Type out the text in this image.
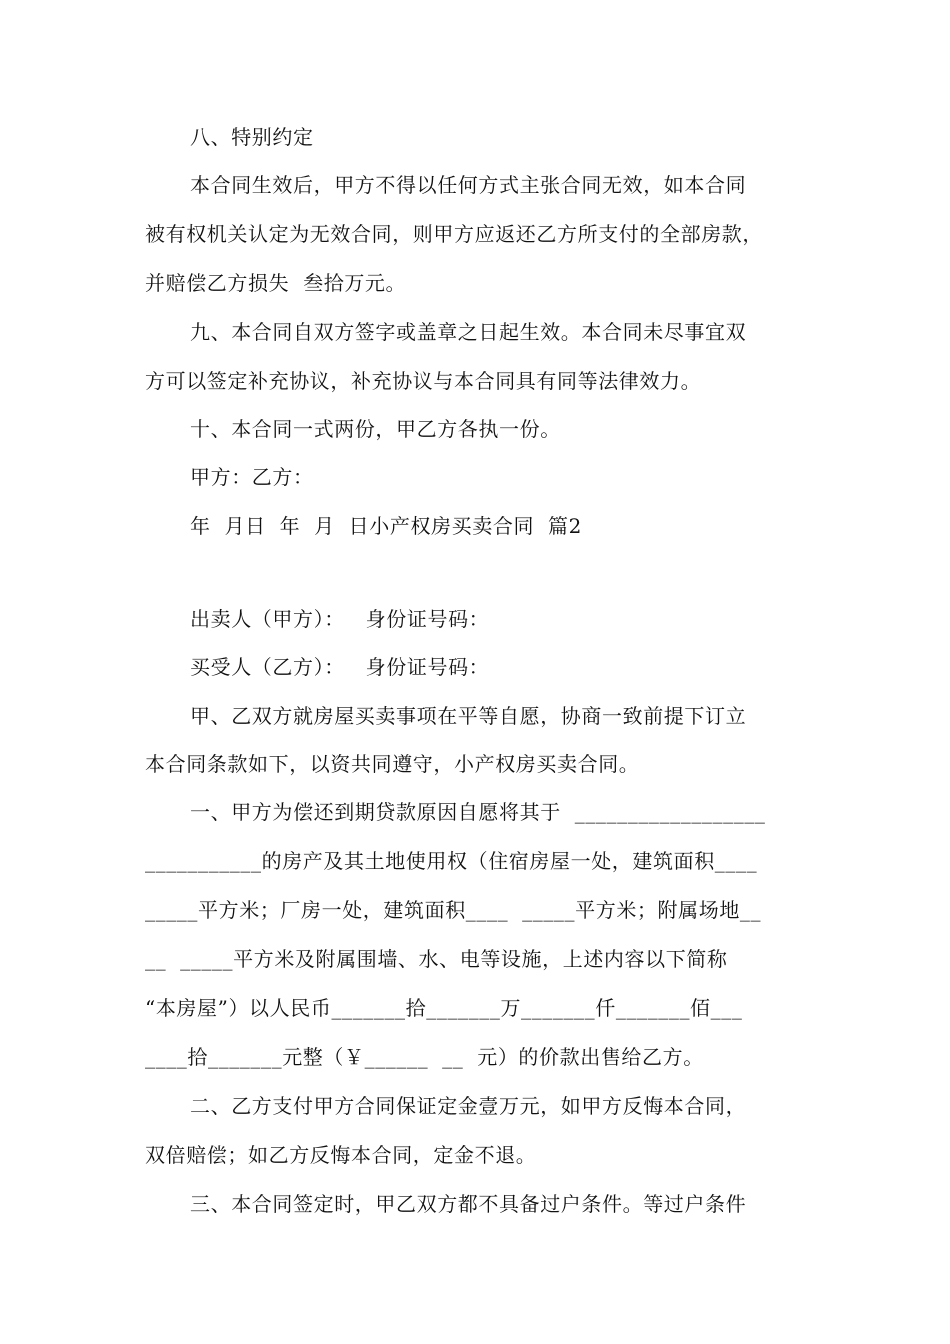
八、特别约定
本合同生效后，甲方不得以任何方式主张合同无效，如本合同
被有权机关认定为无效合同，则甲方应返还乙方所支付的全部房款，
并赔偿乙方损失  叁拾万元。
九、本合同自双方签字或盖章之日起生效。本合同未尽事宜双
方可以签定补充协议，补充协议与本合同具有同等法律效力。
十、本合同一式两份，甲乙方各执一份。
甲方：乙方：
年  月日  年  月  日小产权房买卖合同  篇2
出卖人（甲方）：   身份证号码：
买受人（乙方）：   身份证号码：
甲、乙双方就房屋买卖事项在平等自愿，协商一致前提下订立
本合同条款如下，以资共同遵守，小产权房买卖合同。
一、甲方为偿还到期贷款原因自愿将其于  __________________
___________的房产及其土地使用权（住宿房屋一处，建筑面积____
_____平方米；厂房一处，建筑面积____  _____平方米；附属场地__
__  _____平方米及附属围墙、水、电等设施，上述内容以下简称
“本房屋”）以人民币_______拾_______万_______仟_______佰___
____拾_______元整（￥______  __  元）的价款出售给乙方。
二、乙方支付甲方合同保证定金壹万元，如甲方反悔本合同，
双倍赔偿；如乙方反悔本合同，定金不退。
三、本合同签定时，甲乙双方都不具备过户条件。等过户条件
